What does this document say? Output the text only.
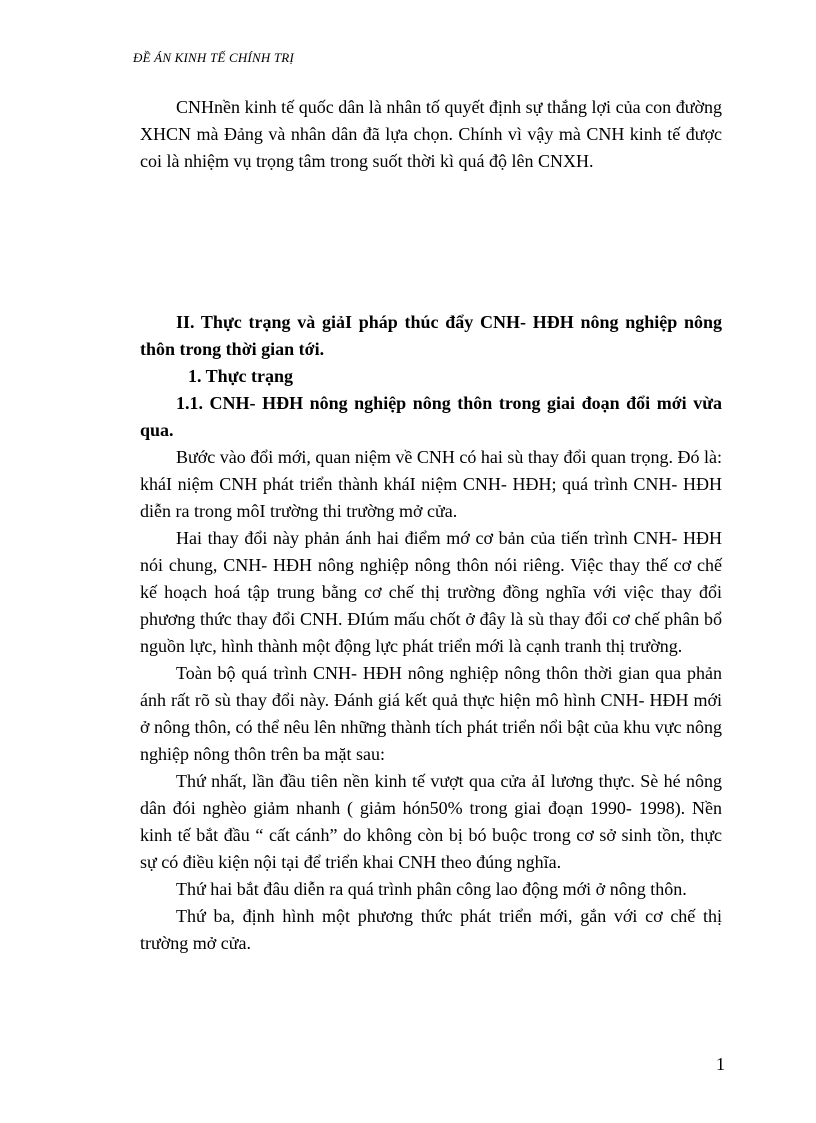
ĐỀ ÁN KINH TẾ CHÍNH TRỊ

CNHnền kinh tế quốc dân là nhân tố quyết định sự thắng lợi của con đường XHCN mà Đảng và nhân dân đã lựa chọn. Chính vì vậy mà CNH kinh tế được coi là nhiệm vụ trọng tâm trong suốt thời kì quá độ lên CNXH.

II. Thực trạng và giảI pháp thúc đẩy CNH- HĐH nông nghiệp nông thôn trong thời gian tới.

1. Thực trạng

1.1. CNH- HĐH nông nghiệp nông thôn trong giai đoạn đổi mới vừa qua.

Bước vào đổi mới, quan niệm về CNH có hai sù thay đổi quan trọng. Đó là: kháI niệm CNH phát triển thành kháI niệm CNH- HĐH; quá trình CNH- HĐH diễn ra trong môI trường thi trường mở cửa.

Hai thay đổi này phản ánh hai điểm mớ cơ bản của tiến trình CNH- HĐH nói chung, CNH- HĐH nông nghiệp nông thôn nói riêng. Việc thay thế cơ chế kế hoạch hoá tập trung bằng cơ chế thị trường đồng nghĩa với việc thay đổi phương thức thay đổi CNH. ĐIúm mấu chốt ở đây là sù thay đổi cơ chế phân bổ nguồn lực, hình thành một động lực phát triển mới là cạnh tranh thị trường.

Toàn bộ quá trình CNH- HĐH nông nghiệp nông thôn thời gian qua phản ánh rất rõ sù thay đổi này. Đánh giá kết quả thực hiện mô hình CNH- HĐH mới ở nông thôn, có thể nêu lên những thành tích phát triển nổi bật của khu vực nông nghiệp nông thôn trên ba mặt sau:

Thứ nhất, lần đầu tiên nền kinh tế vượt qua cửa ảI lương thực. Sè hé nông dân đói nghèo giảm nhanh ( giảm hón50% trong giai đoạn 1990- 1998). Nền kinh tế bắt đầu “ cất cánh” do không còn bị bó buộc trong cơ sở sinh tồn, thực sự có điều kiện nội tại để triển khai CNH theo đúng nghĩa.

Thứ hai bắt đâu diễn ra quá trình phân công lao động mới ở nông thôn.

Thứ ba, định hình một phương thức phát triển mới, gắn với cơ chế thị trường mở cửa.

1
